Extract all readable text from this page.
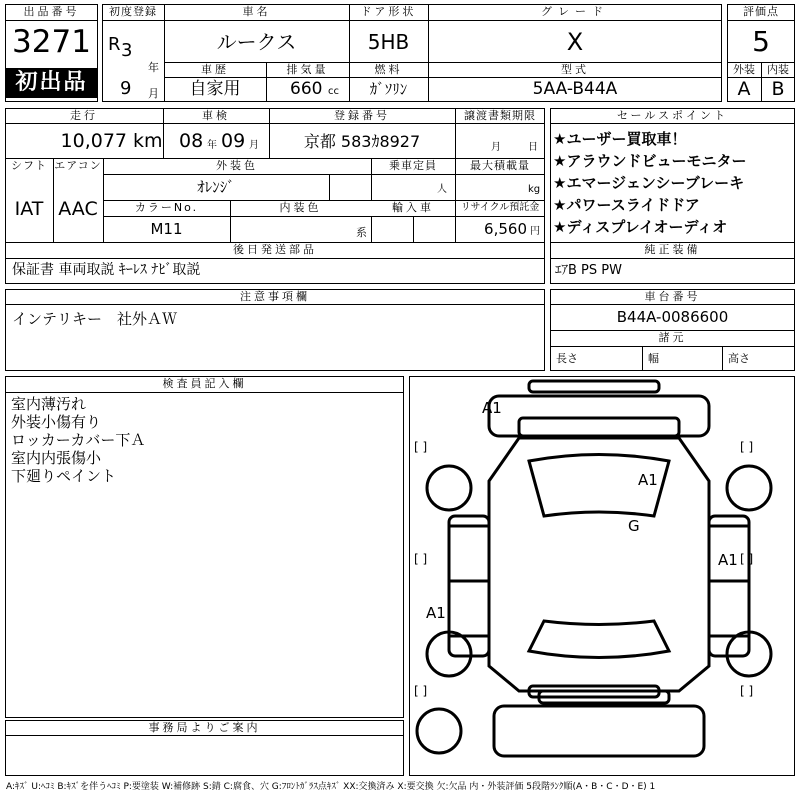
出品番号
3271
初出品
初度登録
R 3
年
9 月
車名
ルークス
ドア形状
5HB
グレード
X
車歴
自家用
排気量
660 cc
燃料
ｶﾞｿﾘﾝ
型式
5AA-B44A
評価点
5
外装	内装
A	B
走行
10,077 km
車検
08 年 09 月
登録番号
京都 583ｶ8927
譲渡書類期限
月	日
シフト
IAT
エアコン
AAC
外装色
ｵﾚﾝｼﾞ
乗車定員
人
最大積載量
kg
カラーNo.
M11
内装色
系
輸入車	リサイクル預託金
6,560 円
後日発送部品
保証書 車両取説 ｷｰﾚｽ ﾅﾋﾞ取説
セールスポイント
★ユーザー買取車！
★アラウンドビューモニター
★エマージェンシーブレーキ
★パワースライドドア
★ディスプレイオーディオ
純正装備
ｴｱB PS PW
注意事項欄
インテリキー　社外ＡＷ
車台番号
B44A-0086600
諸元
長さ	幅	高さ
検査員記入欄
室内薄汚れ
外装小傷有り
ロッカーカバー下Ａ
室内内張傷小
下廻りペイント
事務局よりご案内
A1
A1
G
A1
A1
[ ]	[ ]
[ ]	[ ]
[ ]	[ ]
A:ｷｽﾞ U:ﾍｺﾐ B:ｷｽﾞを伴うﾍｺﾐ P:要塗装 W:補修跡 S:錆 C:腐食、穴 G:ﾌﾛﾝﾄｶﾞﾗｽ点ｷｽﾞ XX:交換済み X:要交換 欠:欠品 内・外装評価 5段階ﾗﾝｸ順(A・B・C・D・E) 1
